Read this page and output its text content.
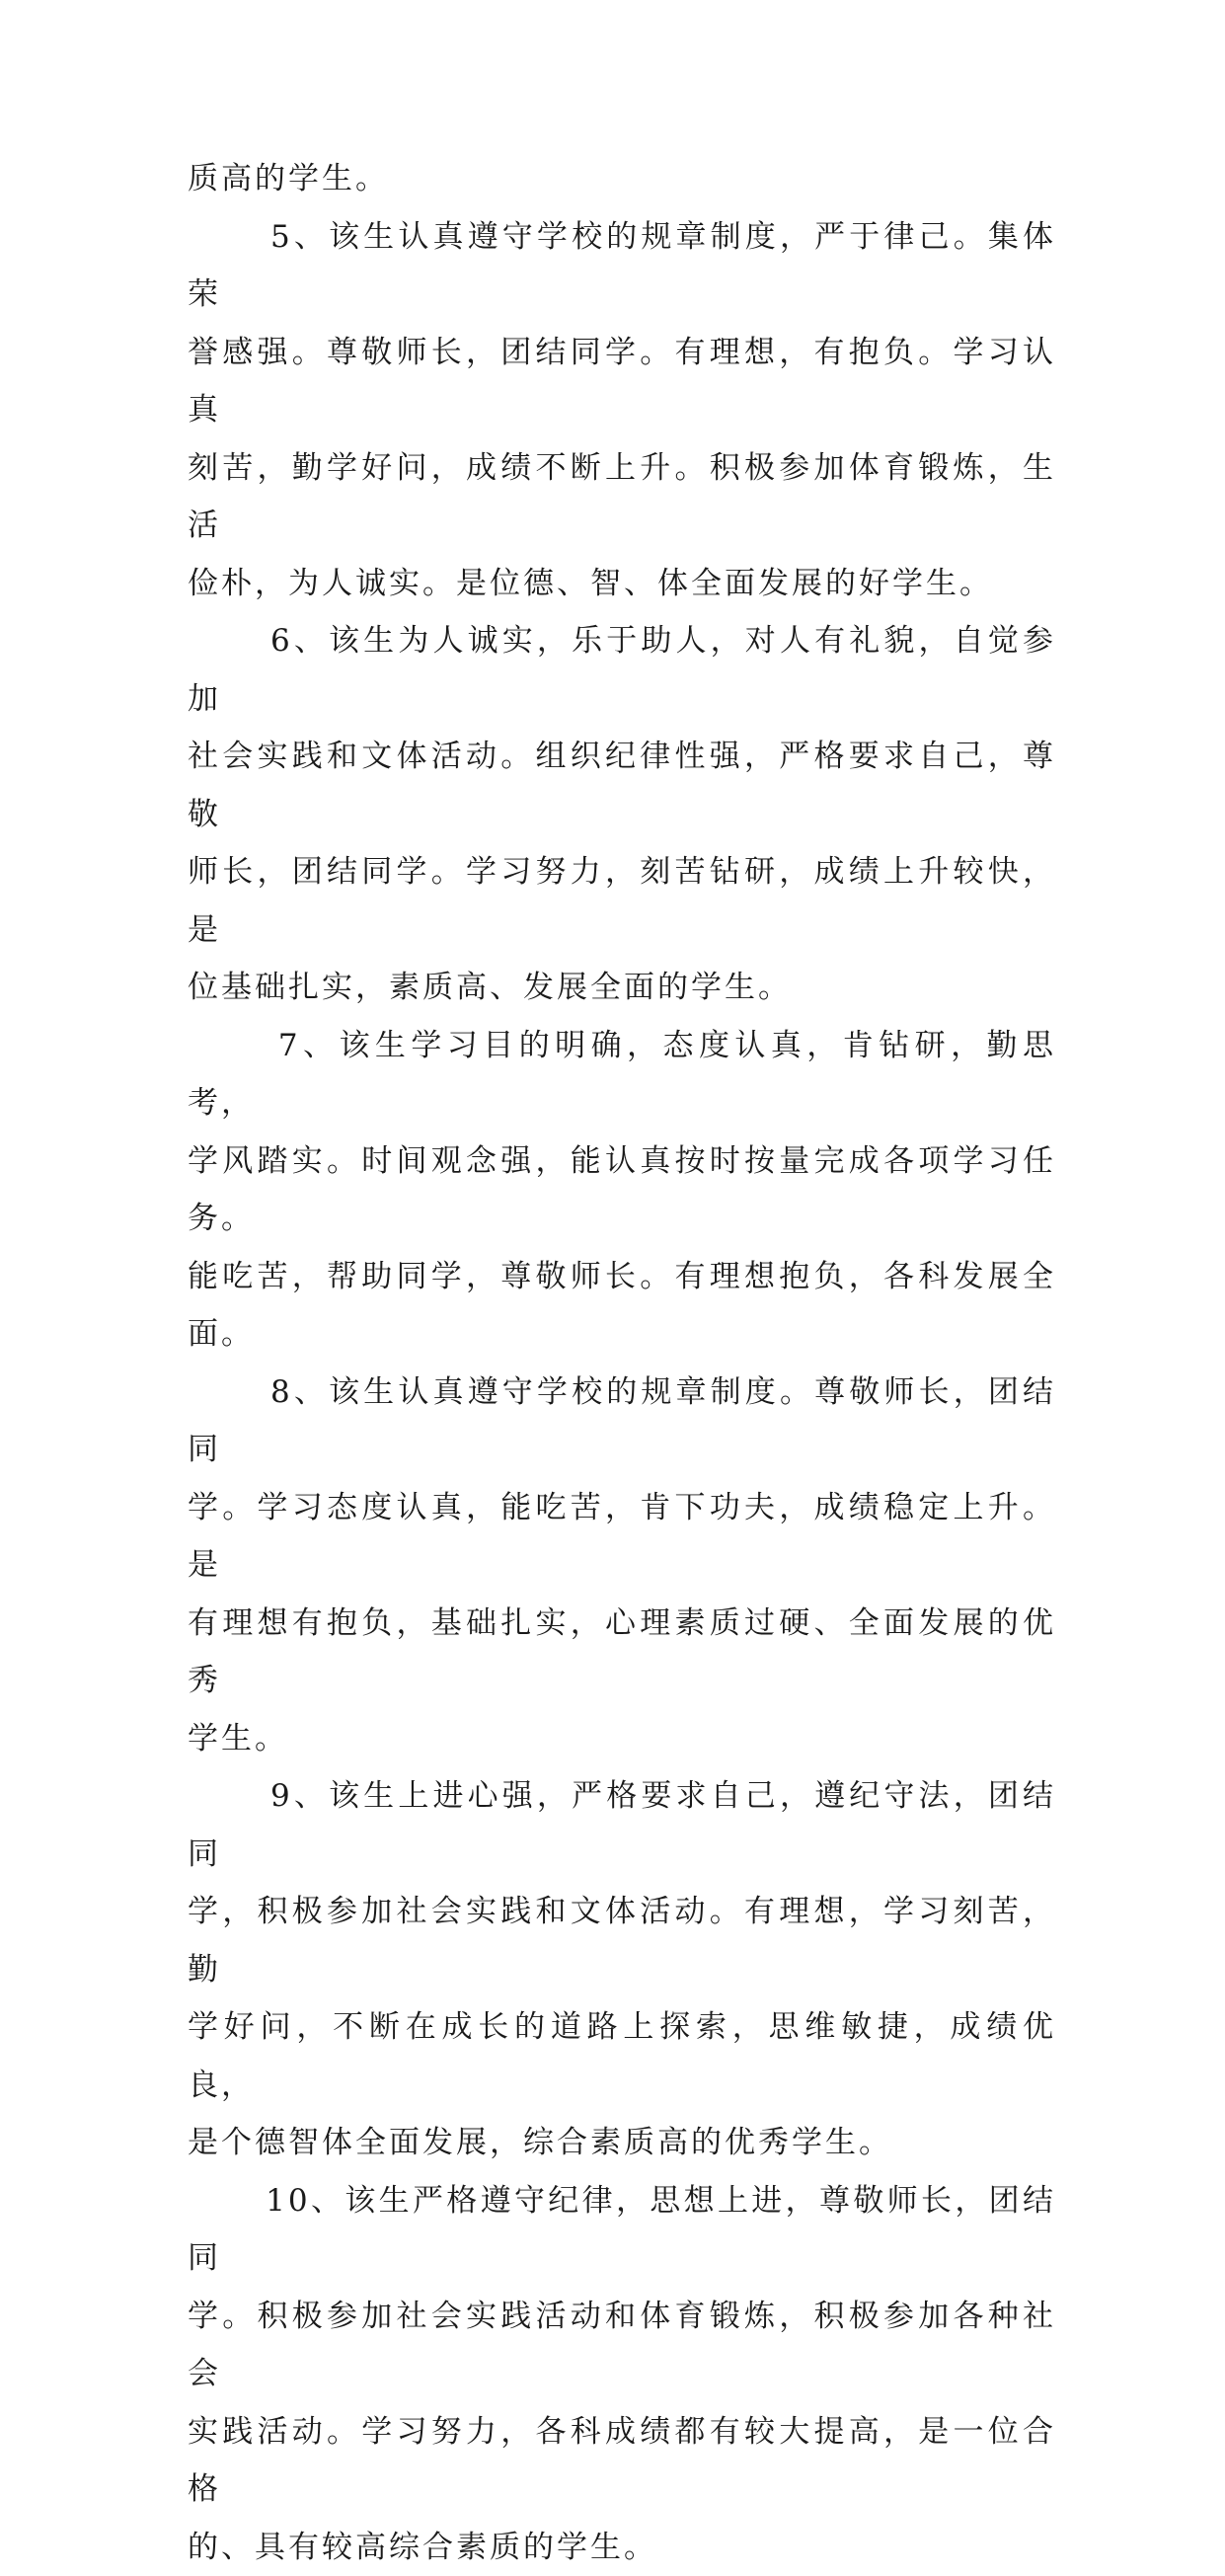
质高的学生。

5、该生认真遵守学校的规章制度，严于律己。集体荣
誉感强。尊敬师长，团结同学。有理想，有抱负。学习认真
刻苦，勤学好问，成绩不断上升。积极参加体育锻炼，生活
俭朴，为人诚实。是位德、智、体全面发展的好学生。

6、该生为人诚实，乐于助人，对人有礼貌，自觉参加
社会实践和文体活动。组织纪律性强，严格要求自己，尊敬
师长，团结同学。学习努力，刻苦钻研，成绩上升较快，是
位基础扎实，素质高、发展全面的学生。

7、该生学习目的明确，态度认真，肯钻研，勤思考，
学风踏实。时间观念强，能认真按时按量完成各项学习任务。
能吃苦，帮助同学，尊敬师长。有理想抱负，各科发展全面。

8、该生认真遵守学校的规章制度。尊敬师长，团结同
学。学习态度认真，能吃苦，肯下功夫，成绩稳定上升。是
有理想有抱负，基础扎实，心理素质过硬、全面发展的优秀
学生。

9、该生上进心强，严格要求自己，遵纪守法，团结同
学，积极参加社会实践和文体活动。有理想，学习刻苦，勤
学好问，不断在成长的道路上探索，思维敏捷，成绩优良，
是个德智体全面发展，综合素质高的优秀学生。

10、该生严格遵守纪律，思想上进，尊敬师长，团结同
学。积极参加社会实践活动和体育锻炼，积极参加各种社会
实践活动。学习努力，各科成绩都有较大提高，是一位合格
的、具有较高综合素质的学生。
